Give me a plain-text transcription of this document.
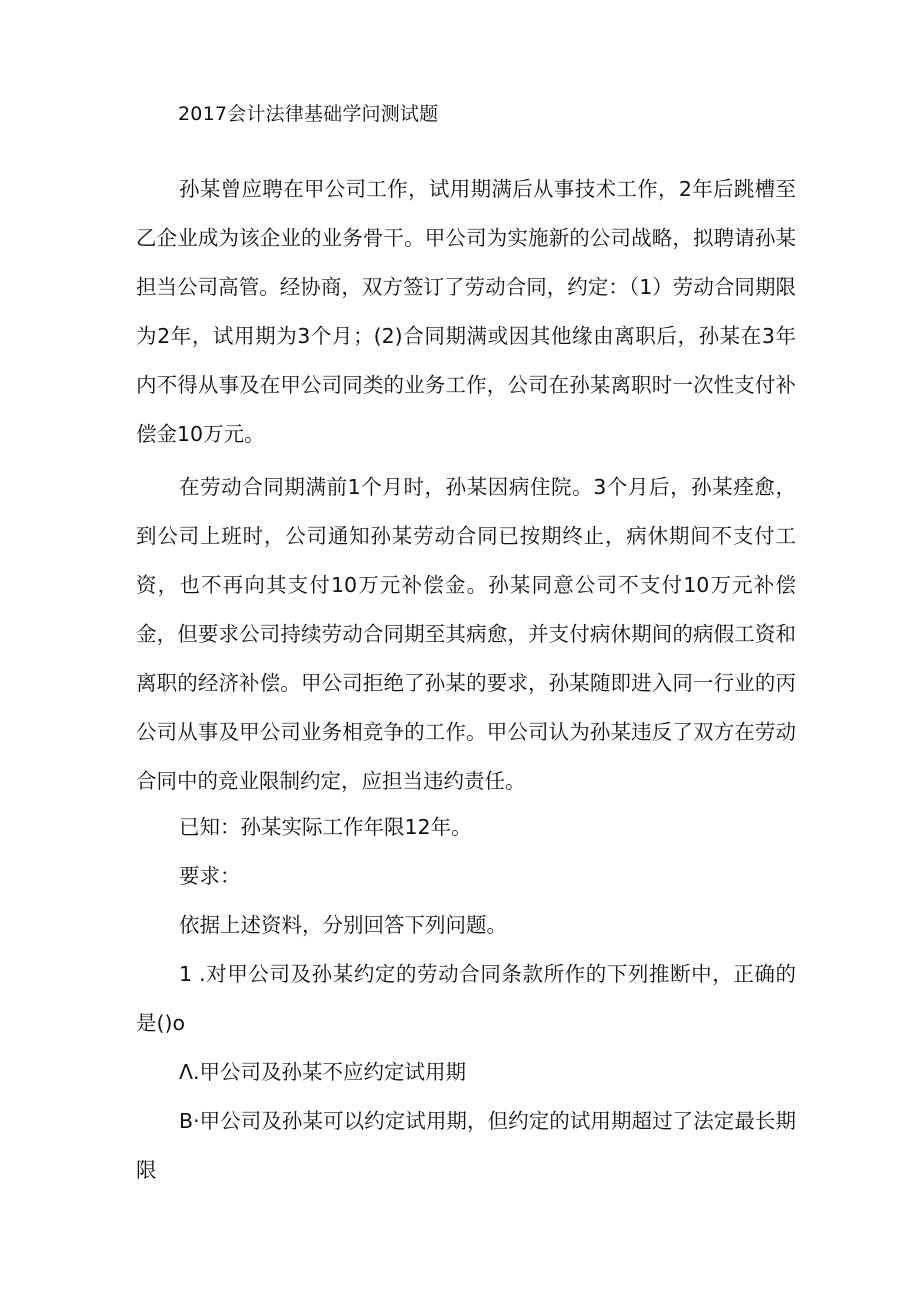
2017会计法律基础学问测试题

孙某曾应聘在甲公司工作，试用期满后从事技术工作，2年后跳槽至乙企业成为该企业的业务骨干。甲公司为实施新的公司战略，拟聘请孙某担当公司高管。经协商，双方签订了劳动合同，约定：（1）劳动合同期限为2年，试用期为3个月；(2)合同期满或因其他缘由离职后，孙某在3年内不得从事及在甲公司同类的业务工作，公司在孙某离职时一次性支付补偿金10万元。

在劳动合同期满前1个月时，孙某因病住院。3个月后，孙某痊愈，到公司上班时，公司通知孙某劳动合同已按期终止，病休期间不支付工资，也不再向其支付10万元补偿金。孙某同意公司不支付10万元补偿金，但要求公司持续劳动合同期至其病愈，并支付病休期间的病假工资和离职的经济补偿。甲公司拒绝了孙某的要求，孙某随即进入同一行业的丙公司从事及甲公司业务相竞争的工作。甲公司认为孙某违反了双方在劳动合同中的竞业限制约定，应担当违约责任。

已知：孙某实际工作年限12年。

要求：

依据上述资料，分别回答下列问题。

1 .对甲公司及孙某约定的劳动合同条款所作的下列推断中，正确的是()o

Λ.甲公司及孙某不应约定试用期

B·甲公司及孙某可以约定试用期，但约定的试用期超过了法定最长期限
